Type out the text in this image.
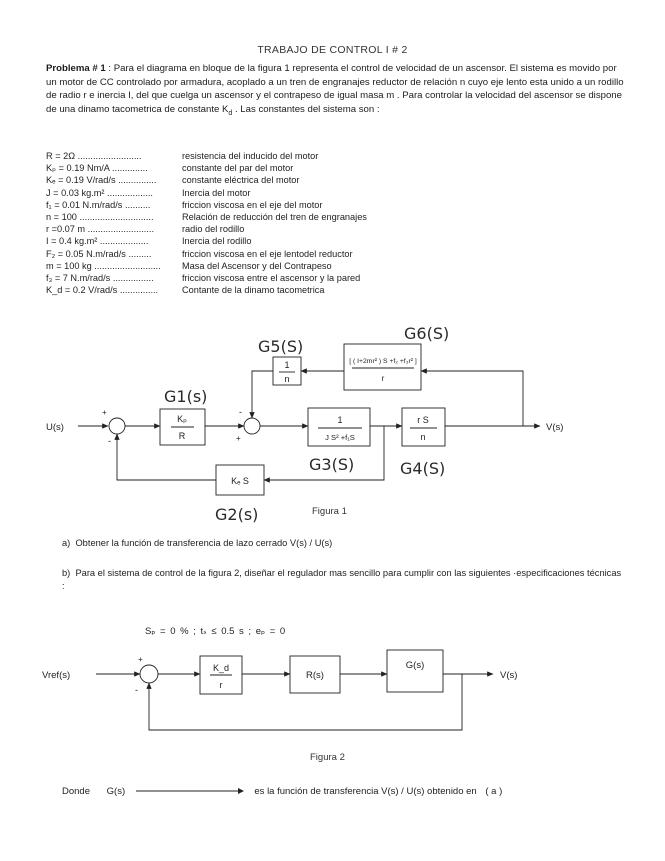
TRABAJO DE CONTROL I # 2
Problema # 1 : Para el diagrama en bloque de la figura 1 representa el control de velocidad de un ascensor. El sistema es movido por un motor de CC controlado por armadura, acoplado a un tren de engranajes reductor de relación n cuyo eje lento esta unido a un rodillo de radio r e inercia I, del que cuelga un ascensor y el contrapeso de igual masa m . Para controlar la velocidad del ascensor se dispone de una dinamo tacometrica de constante $K_d$ . Las constantes del sistema son :
R = 2Ω .........................	resistencia del inducido del motor
Kₚ = 0.19 Nm/A ..............	constante del par del motor
Kₑ = 0.19 V/rad/s ...............	constante eléctrica del motor
J = 0.03 kg.m² ..................	Inercia del motor
f₁ = 0.01 N.m/rad/s ..........	friccion viscosa en el eje del motor
n = 100 .............................	Relación de reducción del tren de engranajes
r =0.07 m ..........................	radio del rodillo
I = 0.4 kg.m² ...................	Inercia del rodillo
F₂ = 0.05 N.m/rad/s .........	friccion viscosa en el eje lentodel reductor
m = 100 kg .......................... Masa del Ascensor y del Contrapeso
f₃ = 7 N.m/rad/s ................	friccion viscosa entre el ascensor y la pared
K_d = 0.2 V/rad/s ...............	Contante de la dinamo tacometrica
U(s)	V(s)
+
-
-
+
Kₚ
R
1
J S² +f₁S
r S
n
Kₑ S
1
n
[ ( I+2mr² ) S +f₂ +f₃r² ]
r
G1(s)
G2(s)
G3(S)	G4(S)
G5(S)
G6(S)
Figura 1
a) Obtener la función de transferencia de lazo cerrado V(s) / U(s)
b) Para el sistema de control de la figura 2, diseñar el regulador mas sencillo para cumplir con las siguientes ·especificaciones técnicas :
Sₚ = 0 % ; tₛ ≤ 0.5 s ; eₚ = 0
Vref(s)	V(s)
+
-
K_d
r
R(s)
G(s)
Figura 2
Donde G(s)	es la función de transferencia V(s) / U(s) obtenido en ( a )
